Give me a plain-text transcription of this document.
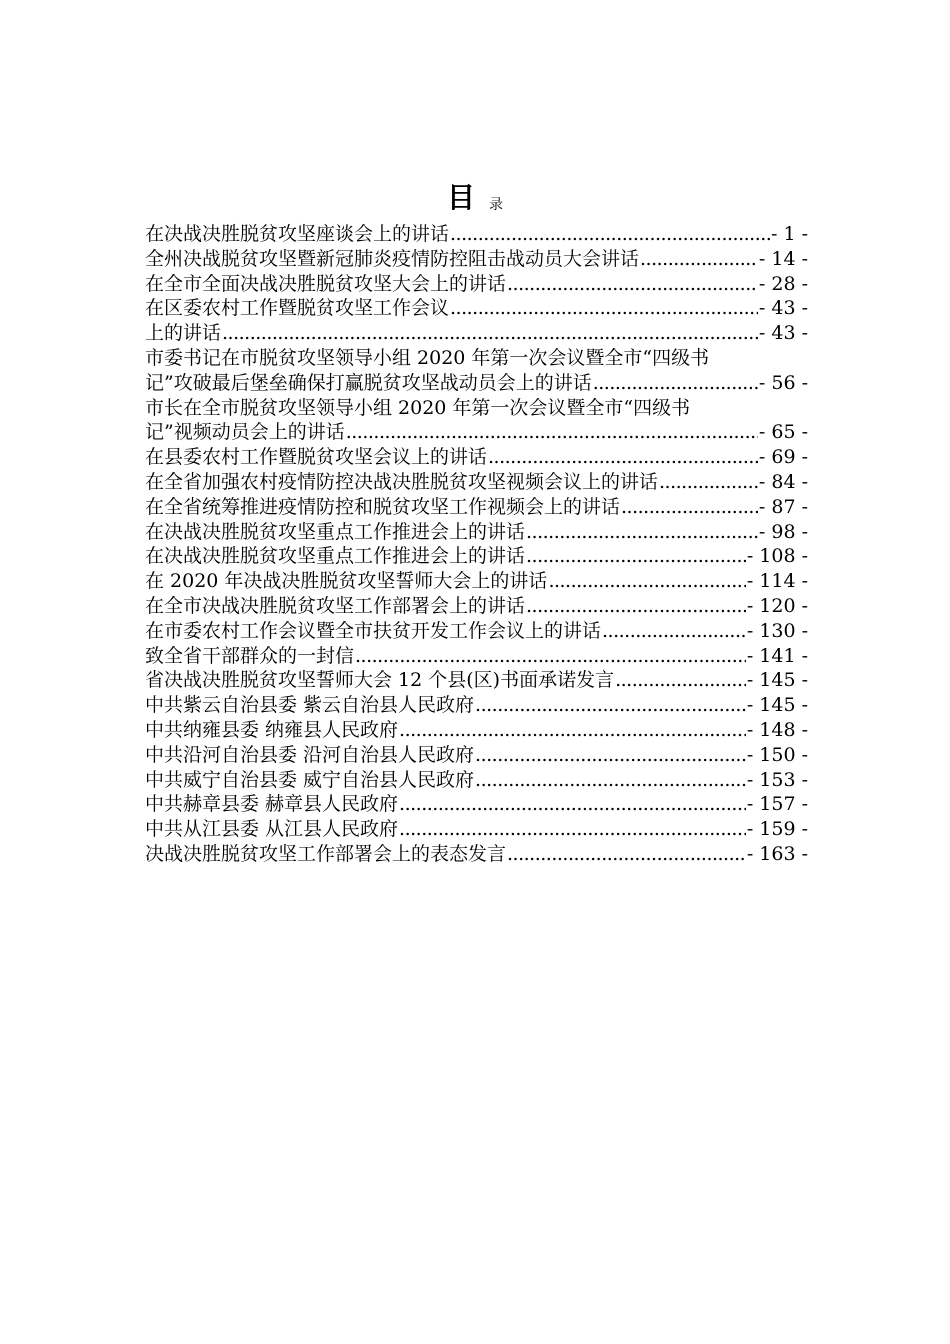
目 录
在决战决胜脱贫攻坚座谈会上的讲话 .....	- 1 -
全州决战脱贫攻坚暨新冠肺炎疫情防控阻击战动员大会讲话 .....	- 14 -
在全市全面决战决胜脱贫攻坚大会上的讲话 .....	- 28 -
在区委农村工作暨脱贫攻坚工作会议 .....	- 43 -
上的讲话 .....	- 43 -
市委书记在市脱贫攻坚领导小组 2020 年第一次会议暨全市“四级书
记”攻破最后堡垒确保打赢脱贫攻坚战动员会上的讲话 .....	- 56 -
市长在全市脱贫攻坚领导小组 2020 年第一次会议暨全市“四级书
记”视频动员会上的讲话 .....	- 65 -
在县委农村工作暨脱贫攻坚会议上的讲话 .....	- 69 -
在全省加强农村疫情防控决战决胜脱贫攻坚视频会议上的讲话 .....	- 84 -
在全省统筹推进疫情防控和脱贫攻坚工作视频会上的讲话 .....	- 87 -
在决战决胜脱贫攻坚重点工作推进会上的讲话 .....	- 98 -
在决战决胜脱贫攻坚重点工作推进会上的讲话 .....	- 108 -
在 2020 年决战决胜脱贫攻坚誓师大会上的讲话 .....	- 114 -
在全市决战决胜脱贫攻坚工作部署会上的讲话 .....	- 120 -
在市委农村工作会议暨全市扶贫开发工作会议上的讲话 .....	- 130 -
致全省干部群众的一封信 .....	- 141 -
省决战决胜脱贫攻坚誓师大会 12 个县(区)书面承诺发言 .....	- 145 -
中共紫云自治县委 紫云自治县人民政府 .....	- 145 -
中共纳雍县委 纳雍县人民政府 .....	- 148 -
中共沿河自治县委 沿河自治县人民政府 .....	- 150 -
中共威宁自治县委 威宁自治县人民政府 .....	- 153 -
中共赫章县委 赫章县人民政府 .....	- 157 -
中共从江县委 从江县人民政府 .....	- 159 -
决战决胜脱贫攻坚工作部署会上的表态发言 .....	- 163 -
